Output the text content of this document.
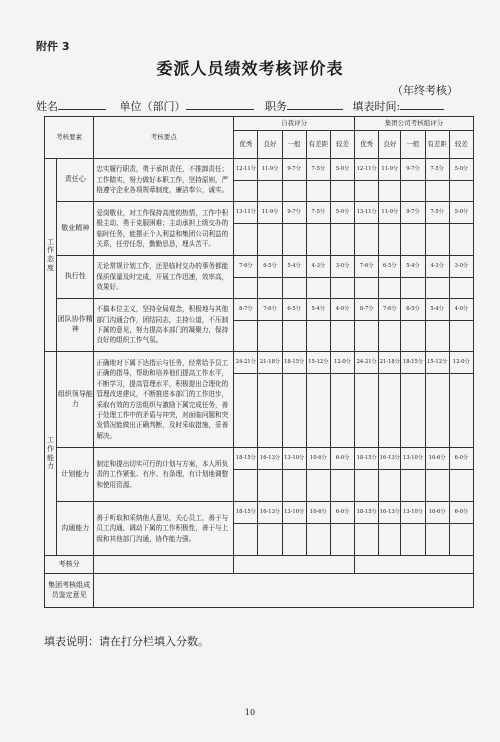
附件 3
委派人员绩效考核评价表
（年终考核）
姓名	单位（部门）	职务	填表时间:
考核要素		考核要点	自我评分					集团公司考核组评分				
			优秀	良好	一般	有差距	较差	优秀	良好	一般	有差距	较差
工作态度	责任心	忠实履行职责，勇于承担责任，不推卸责任；工作踏实，努力做好本职工作，坚持原则，严格遵守企业各项规章制度，廉洁奉公，诚实。	12-11分	11-9分	9-7分	7-5分	5-0分	12-11分	11-9分	9-7分	7-5分	5-0分

	敬业精神	爱岗敬业，对工作保持高度的热情，工作中积极主动，勇于克服困难；主动承担上级交办的临时任务，能摆正个人利益和集团公司利益的关系，任劳任怨，勤勤恳恳，埋头苦干。	13-11分	11-9分	9-7分	7-5分	5-0分	13-11分	11-9分	9-7分	7-5分	5-0分

	执行性	无论常规计划工作，还是临时交办的事务都能保质保量及时完成，开展工作迅速，效率高，效果好。	7-6分	6-5分	5-4分	4-3分	3-0分	7-6分	6-5分	5-4分	4-3分	3-0分

	团队协作精神	不搞本位主义，坚持全局观念，积极地与其他部门沟通合作，团结同志，主持公道，不压制下属的意见，努力提高本部门的凝聚力，保持良好的组织工作气氛。	8-7分	7-6分	6-5分	5-4分	4-0分	8-7分	7-6分	6-5分	5-4分	4-0分

工作能力	组织领导能力	正确地对下属下达指示与任务，经常给予员工正确的指导，帮助和培养他们提高工作水平，不断学习，提高管理水平，积极提出合理化的管理改进建议，不断推进本部门的工作进步，采取有效的方法组织与激励下属完成任务，善于处理工作中的矛盾与冲突，对面临问题和突发情况能做出正确判断，及时采取措施，妥善解决。	24-21分	21-18分	18-15分	15-12分	12-0分	24-21分	21-18分	18-15分	15-12分	12-0分

	计划能力	制定和提出切实可行的计划与方案，本人所负责的工作紧张、有序、有条理，有计划地调整和使用资源。	18-15分	16-13分	13-10分	10-6分	6-0分	18-15分	16-13分	13-10分	10-6分	6-0分

	沟通能力	善于听取和采纳他人意见，关心员工，善于与员工沟通，调动下属的工作积极性，善于与上级和其他部门沟通，协作能力强。	18-15分	16-13分	13-10分	10-6分	6-0分	18-15分	16-13分	13-10分	10-6分	6-0分

考核分												
集团考核组成员鉴定意见												
填表说明：请在打分栏填入分数。
10
